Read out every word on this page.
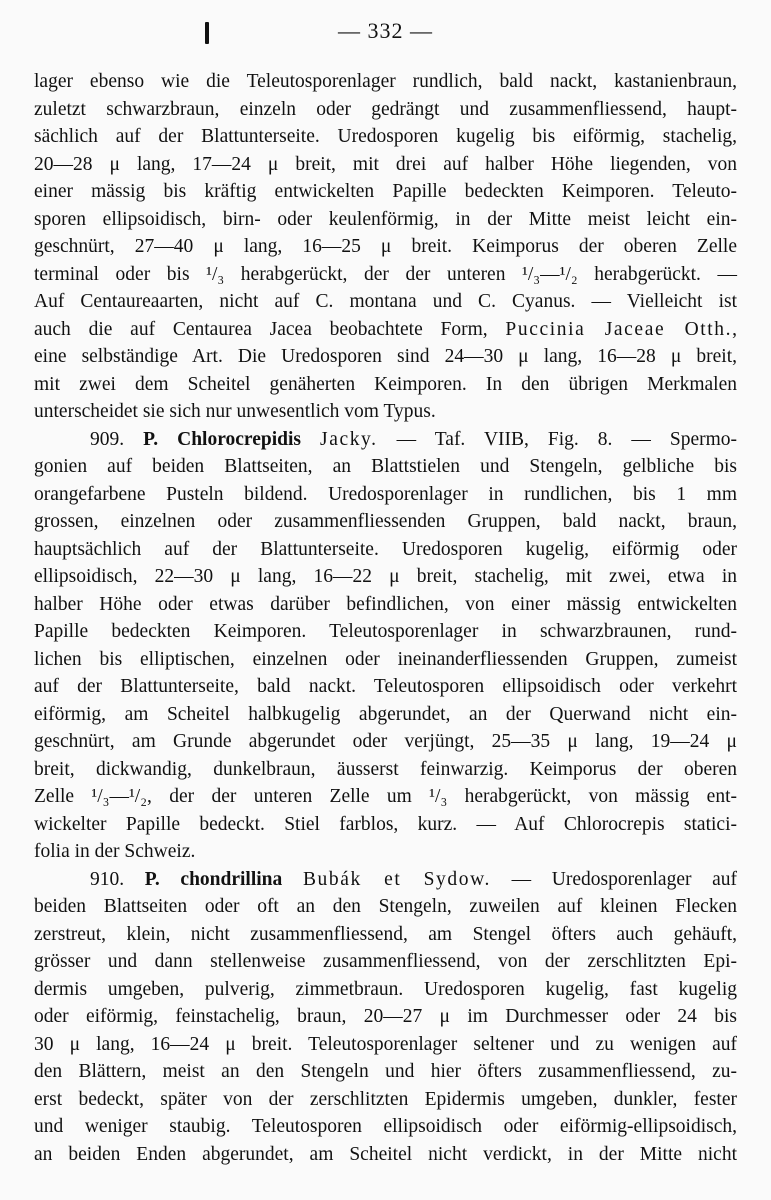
— 332 —
lager ebenso wie die Teleutosporenlager rundlich, bald nackt, kastanienbraun,
zuletzt schwarzbraun, einzeln oder gedrängt und zusammenfliessend, haupt-
sächlich auf der Blattunterseite. Uredosporen kugelig bis eiförmig, stachelig,
20—28 μ lang, 17—24 μ breit, mit drei auf halber Höhe liegenden, von
einer mässig bis kräftig entwickelten Papille bedeckten Keimporen. Teleuto-
sporen ellipsoidisch, birn- oder keulenförmig, in der Mitte meist leicht ein-
geschnürt, 27—40 μ lang, 16—25 μ breit. Keimporus der oberen Zelle
terminal oder bis ¹/₃ herabgerückt, der der unteren ¹/₃—¹/₂ herabgerückt. —
Auf Centaureaarten, nicht auf C. montana und C. Cyanus. — Vielleicht ist
auch die auf Centaurea Jacea beobachtete Form, Puccinia Jaceae Otth.,
eine selbständige Art. Die Uredosporen sind 24—30 μ lang, 16—28 μ breit,
mit zwei dem Scheitel genäherten Keimporen. In den übrigen Merkmalen
unterscheidet sie sich nur unwesentlich vom Typus.
909. P. Chlorocrepidis Jacky. — Taf. VIIB, Fig. 8. — Spermo-
gonien auf beiden Blattseiten, an Blattstielen und Stengeln, gelbliche bis
orangefarbene Pusteln bildend. Uredosporenlager in rundlichen, bis 1 mm
grossen, einzelnen oder zusammenfliessenden Gruppen, bald nackt, braun,
hauptsächlich auf der Blattunterseite. Uredosporen kugelig, eiförmig oder
ellipsoidisch, 22—30 μ lang, 16—22 μ breit, stachelig, mit zwei, etwa in
halber Höhe oder etwas darüber befindlichen, von einer mässig entwickelten
Papille bedeckten Keimporen. Teleutosporenlager in schwarzbraunen, rund-
lichen bis elliptischen, einzelnen oder ineinanderfliessenden Gruppen, zumeist
auf der Blattunterseite, bald nackt. Teleutosporen ellipsoidisch oder verkehrt
eiförmig, am Scheitel halbkugelig abgerundet, an der Querwand nicht ein-
geschnürt, am Grunde abgerundet oder verjüngt, 25—35 μ lang, 19—24 μ
breit, dickwandig, dunkelbraun, äusserst feinwarzig. Keimporus der oberen
Zelle ¹/₃—¹/₂, der der unteren Zelle um ¹/₃ herabgerückt, von mässig ent-
wickelter Papille bedeckt. Stiel farblos, kurz. — Auf Chlorocrepis statici-
folia in der Schweiz.
910. P. chondrillina Bubák et Sydow. — Uredosporenlager auf
beiden Blattseiten oder oft an den Stengeln, zuweilen auf kleinen Flecken
zerstreut, klein, nicht zusammenfliessend, am Stengel öfters auch gehäuft,
grösser und dann stellenweise zusammenfliessend, von der zerschlitzten Epi-
dermis umgeben, pulverig, zimmetbraun. Uredosporen kugelig, fast kugelig
oder eiförmig, feinstachelig, braun, 20—27 μ im Durchmesser oder 24 bis
30 μ lang, 16—24 μ breit. Teleutosporenlager seltener und zu wenigen auf
den Blättern, meist an den Stengeln und hier öfters zusammenfliessend, zu-
erst bedeckt, später von der zerschlitzten Epidermis umgeben, dunkler, fester
und weniger staubig. Teleutosporen ellipsoidisch oder eiförmig-ellipsoidisch,
an beiden Enden abgerundet, am Scheitel nicht verdickt, in der Mitte nicht
